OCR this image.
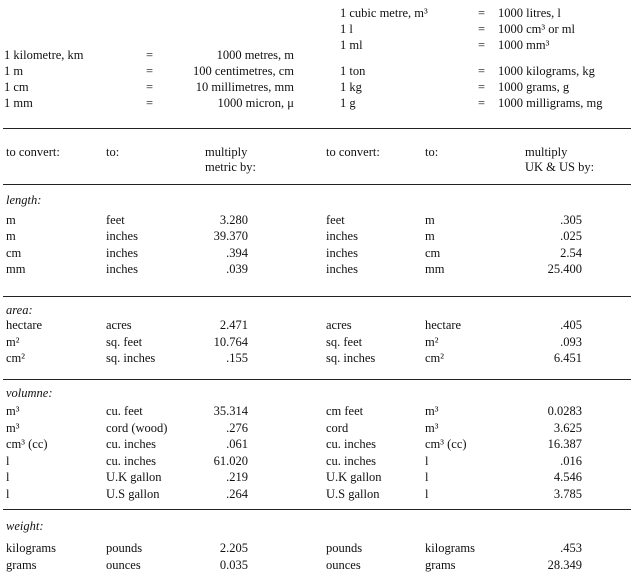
1 kilometre, km	=	1000 metres, m
1 m	=	100 centimetres, cm
1 cm	=	10 millimetres, mm
1 mm	=	1000 micron, μ
1 cubic metre, m³	= 1000 litres, l
1 l	= 1000 cm³ or ml
1 ml	= 1000 mm³
1 ton	= 1000 kilograms, kg
1 kg	= 1000 grams, g
1 g	= 1000 milligrams, mg
to convert:	to:	multiply
metric by:
to convert:	to:	multiply
UK & US by:
length:
m	feet	3.280	feet	m	.305
m	inches	39.370	inches	m	.025
cm	inches	.394	inches	cm	2.54
mm	inches	.039	inches	mm	25.400
area:
hectare	acres	2.471	acres	hectare	.405
m²	sq. feet	10.764	sq. feet	m²	.093
cm²	sq. inches	.155	sq. inches	cm²	6.451
volumne:
m³	cu. feet	35.314	cm feet	m³	0.0283
m³	cord (wood)	.276	cord	m³	3.625
cm³ (cc)	cu. inches	.061	cu. inches	cm³ (cc)	16.387
l	cu. inches	61.020	cu. inches	l	.016
l	U.K gallon	.219	U.K gallon	l	4.546
l	U.S gallon	.264	U.S gallon	l	3.785
weight:
kilograms	pounds	2.205	pounds	kilograms	.453
grams	ounces	0.035	ounces	grams	28.349
